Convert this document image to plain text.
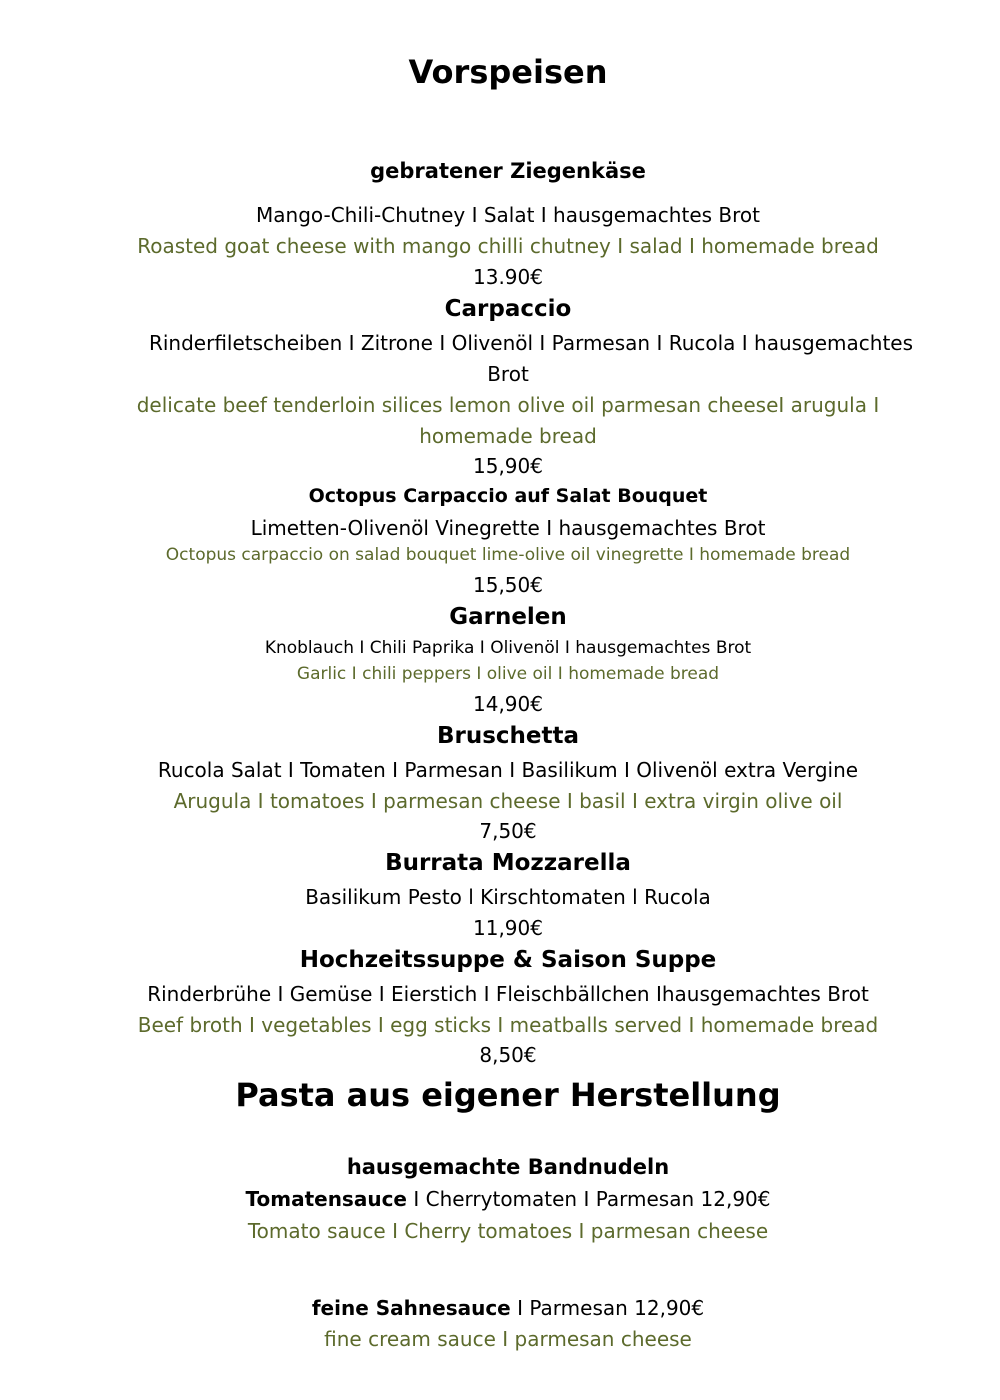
Vorspeisen
gebratener Ziegenkäse
Mango-Chili-Chutney I Salat I hausgemachtes Brot
Roasted goat cheese with mango chilli chutney I salad I homemade bread
13.90€
Carpaccio
Rinderfiletscheiben I Zitrone I Olivenöl I Parmesan I Rucola I hausgemachtes
Brot
delicate beef tenderloin silices lemon olive oil parmesan cheeseI arugula I
homemade bread
15,90€
Octopus Carpaccio auf Salat Bouquet
Limetten-Olivenöl Vinegrette I hausgemachtes Brot
Octopus carpaccio on salad bouquet lime-olive oil vinegrette I homemade bread
15,50€
Garnelen
Knoblauch I Chili Paprika I Olivenöl I hausgemachtes Brot
Garlic I chili peppers I olive oil I homemade bread
14,90€
Bruschetta
Rucola Salat I Tomaten I Parmesan I Basilikum I Olivenöl extra Vergine
Arugula I tomatoes I parmesan cheese I basil I extra virgin olive oil
7,50€
Burrata Mozzarella
Basilikum Pesto l Kirschtomaten l Rucola
11,90€
Hochzeitssuppe & Saison Suppe
Rinderbrühe I Gemüse I Eierstich I Fleischbällchen Ihausgemachtes Brot
Beef broth I vegetables I egg sticks I meatballs served I homemade bread
8,50€
Pasta aus eigener Herstellung
hausgemachte Bandnudeln
Tomatensauce I Cherrytomaten I Parmesan 12,90€
Tomato sauce I Cherry tomatoes I parmesan cheese
feine Sahnesauce I Parmesan 12,90€
fine cream sauce I parmesan cheese
